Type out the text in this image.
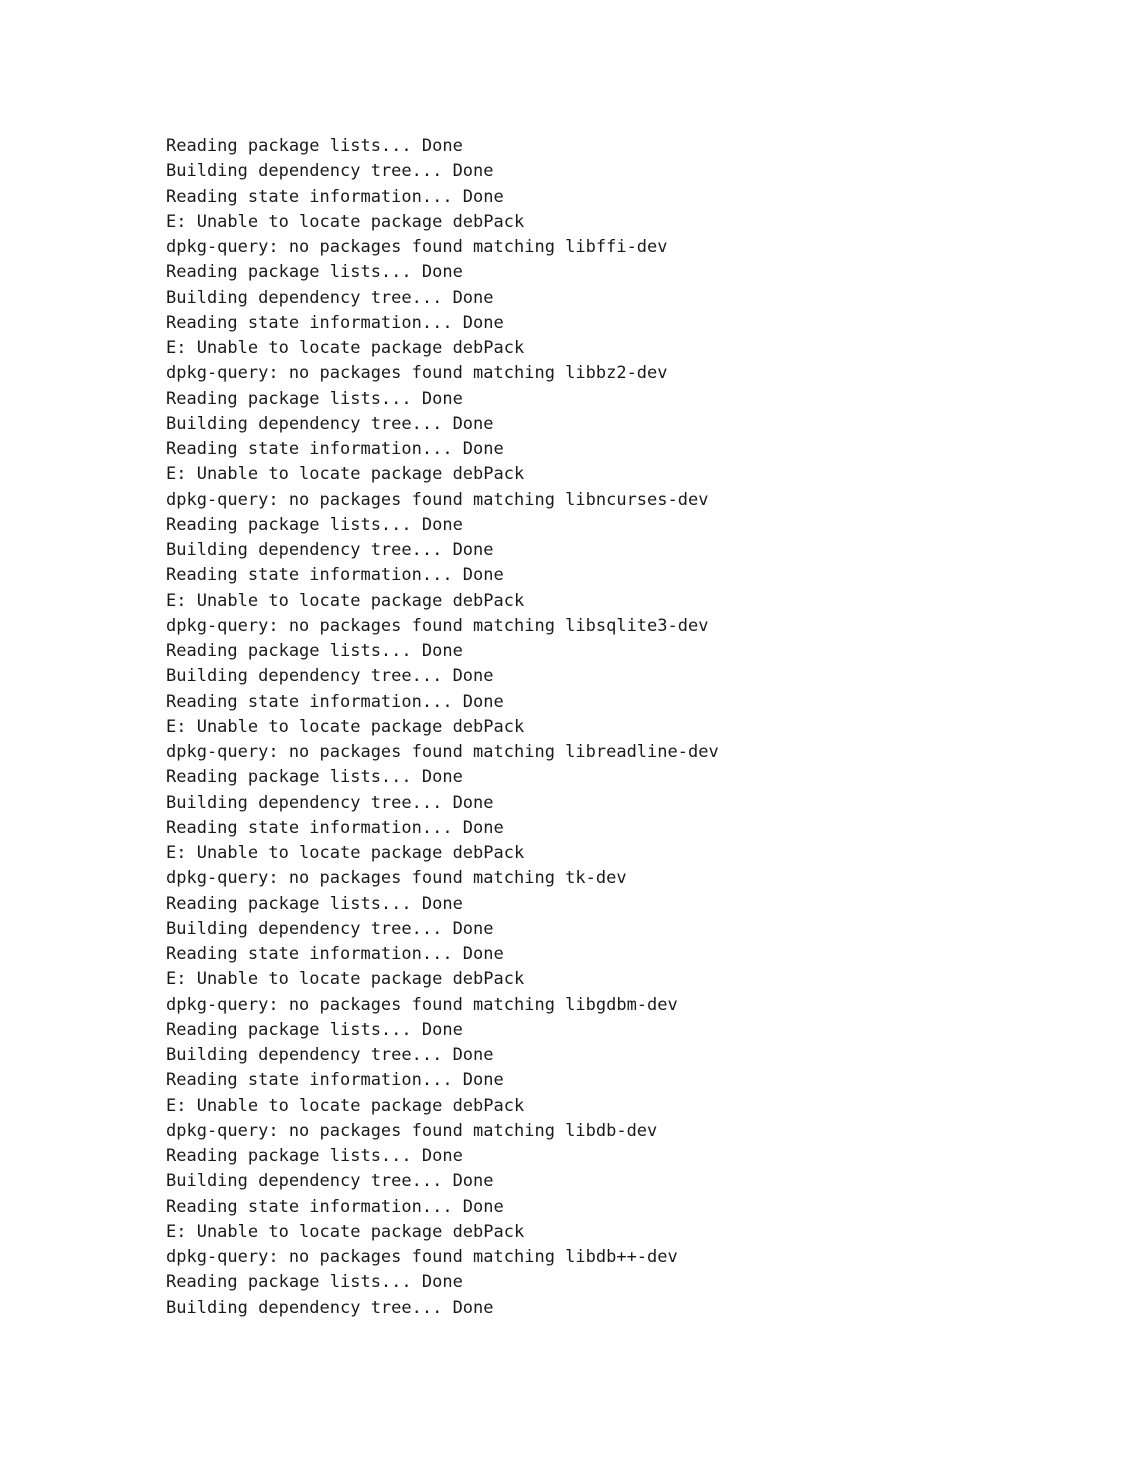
Reading package lists... Done
Building dependency tree... Done
Reading state information... Done
E: Unable to locate package debPack
dpkg-query: no packages found matching libffi-dev
Reading package lists... Done
Building dependency tree... Done
Reading state information... Done
E: Unable to locate package debPack
dpkg-query: no packages found matching libbz2-dev
Reading package lists... Done
Building dependency tree... Done
Reading state information... Done
E: Unable to locate package debPack
dpkg-query: no packages found matching libncurses-dev
Reading package lists... Done
Building dependency tree... Done
Reading state information... Done
E: Unable to locate package debPack
dpkg-query: no packages found matching libsqlite3-dev
Reading package lists... Done
Building dependency tree... Done
Reading state information... Done
E: Unable to locate package debPack
dpkg-query: no packages found matching libreadline-dev
Reading package lists... Done
Building dependency tree... Done
Reading state information... Done
E: Unable to locate package debPack
dpkg-query: no packages found matching tk-dev
Reading package lists... Done
Building dependency tree... Done
Reading state information... Done
E: Unable to locate package debPack
dpkg-query: no packages found matching libgdbm-dev
Reading package lists... Done
Building dependency tree... Done
Reading state information... Done
E: Unable to locate package debPack
dpkg-query: no packages found matching libdb-dev
Reading package lists... Done
Building dependency tree... Done
Reading state information... Done
E: Unable to locate package debPack
dpkg-query: no packages found matching libdb++-dev
Reading package lists... Done
Building dependency tree... Done
